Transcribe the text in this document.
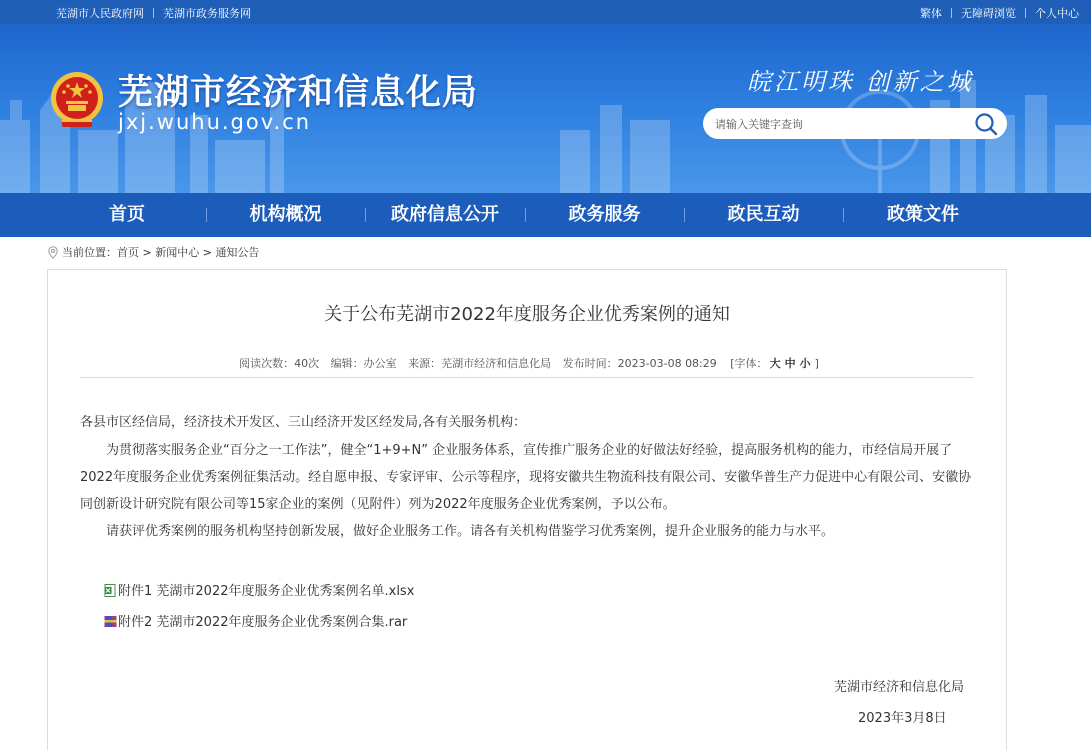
芜湖市经济和信息化局
jxj.wuhu.gov.cn
皖江明珠 创新之城
请输入关键字查询
芜湖市人民政府网 芜湖市政务服务网	繁体 无障碍浏览 个人中心
首页	机构概况	政府信息公开	政务服务	政民互动	政策文件
当前位置：首页 > 新闻中心 > 通知公告
关于公布芜湖市2022年度服务企业优秀案例的通知
阅读次数：40次 编辑：办公室 来源：芜湖市经济和信息化局 发布时间：2023-03-08 08:29 [字体： 大 中 小 ]
各县市区经信局，经济技术开发区、三山经济开发区经发局,各有关服务机构：
为贯彻落实服务企业“百分之一工作法”，健全“1+9+N” 企业服务体系，宣传推广服务企业的好做法好经验，提高服务机构的能力，市经信局开展了2022年度服务企业优秀案例征集活动。经自愿申报、专家评审、公示等程序，现将安徽共生物流科技有限公司、安徽华普生产力促进中心有限公司、安徽协同创新设计研究院有限公司等15家企业的案例（见附件）列为2022年度服务企业优秀案例，予以公布。
请获评优秀案例的服务机构坚持创新发展，做好企业服务工作。请各有关机构借鉴学习优秀案例，提升企业服务的能力与水平。
附件1 芜湖市2022年度服务企业优秀案例名单.xlsx
附件2 芜湖市2022年度服务企业优秀案例合集.rar
芜湖市经济和信息化局
2023年3月8日
